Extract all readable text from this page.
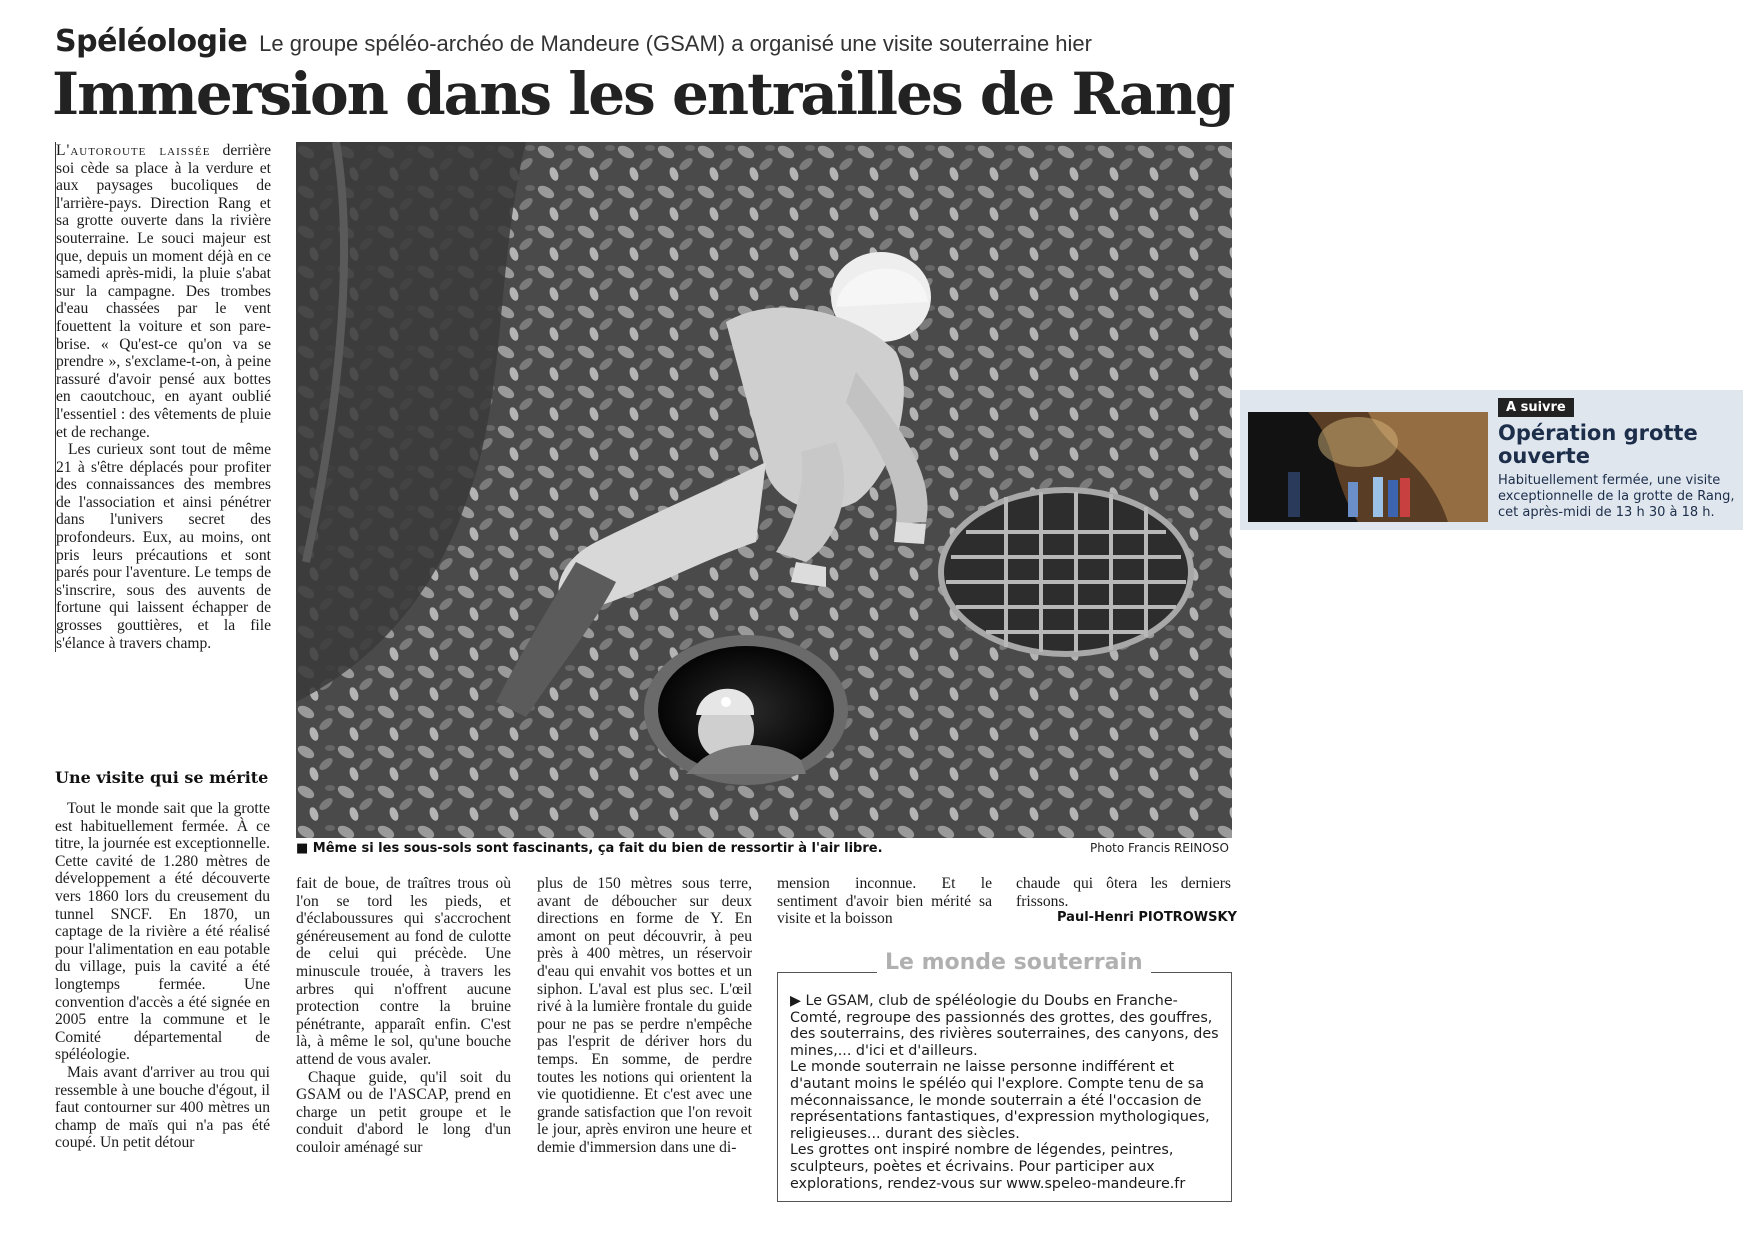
Spéléologie Le groupe spéléo-archéo de Mandeure (GSAM) a organisé une visite souterraine hier
Immersion dans les entrailles de Rang

L'autoroute laissée derrière soi cède sa place à la verdure et aux paysages bucoliques de l'arrière-pays. Direction Rang et sa grotte ouverte dans la rivière souterraine. Le souci majeur est que, depuis un moment déjà en ce samedi après-midi, la pluie s'abat sur la campagne. Des trombes d'eau chassées par le vent fouettent la voiture et son pare-brise. « Qu'est-ce qu'on va se prendre », s'exclame-t-on, à peine rassuré d'avoir pensé aux bottes en caoutchouc, en ayant oublié l'essentiel : des vêtements de pluie et de rechange.

Les curieux sont tout de même 21 à s'être déplacés pour profiter des connaissances des membres de l'association et ainsi pénétrer dans l'univers secret des profondeurs. Eux, au moins, ont pris leurs précautions et sont parés pour l'aventure. Le temps de s'inscrire, sous des auvents de fortune qui laissent échapper de grosses gouttières, et la file s'élance à travers champ.

Une visite qui se mérite

Tout le monde sait que la grotte est habituellement fermée. À ce titre, la journée est exceptionnelle. Cette cavité de 1.280 mètres de développement a été découverte vers 1860 lors du creusement du tunnel SNCF. En 1870, un captage de la rivière a été réalisé pour l'alimentation en eau potable du village, puis la cavité a été longtemps fermée. Une convention d'accès a été signée en 2005 entre la commune et le Comité départemental de spéléologie.

Mais avant d'arriver au trou qui ressemble à une bouche d'égout, il faut contourner sur 400 mètres un champ de maïs qui n'a pas été coupé. Un petit détour

■ Même si les sous-sols sont fascinants, ça fait du bien de ressortir à l'air libre.	Photo Francis REINOSO

fait de boue, de traîtres trous où l'on se tord les pieds, et d'éclaboussures qui s'accrochent généreusement au fond de culotte de celui qui précède. Une minuscule trouée, à travers les arbres qui n'offrent aucune protection contre la bruine pénétrante, apparaît enfin. C'est là, à même le sol, qu'une bouche attend de vous avaler.

Chaque guide, qu'il soit du GSAM ou de l'ASCAP, prend en charge un petit groupe et le conduit d'abord le long d'un couloir aménagé sur

plus de 150 mètres sous terre, avant de déboucher sur deux directions en forme de Y. En amont on peut découvrir, à peu près à 400 mètres, un réservoir d'eau qui envahit vos bottes et un siphon. L'aval est plus sec. L'œil rivé à la lumière frontale du guide pour ne pas se perdre n'empêche pas l'esprit de dériver hors du temps. En somme, de perdre toutes les notions qui orientent la vie quotidienne. Et c'est avec une grande satisfaction que l'on revoit le jour, après environ une heure et demie d'immersion dans une di-

mension inconnue. Et le sentiment d'avoir bien mérité sa visite et la boisson

chaude qui ôtera les derniers frissons.

Paul-Henri PIOTROWSKY

▶ Le GSAM, club de spéléologie du Doubs en Franche-Comté, regroupe des passionnés des grottes, des gouffres, des souterrains, des rivières souterraines, des canyons, des mines,... d'ici et d'ailleurs.

Le monde souterrain ne laisse personne indifférent et d'autant moins le spéléo qui l'explore. Compte tenu de sa méconnaissance, le monde souterrain a été l'occasion de représentations fantastiques, d'expression mythologiques, religieuses... durant des siècles.

Les grottes ont inspiré nombre de légendes, peintres, sculpteurs, poètes et écrivains. Pour participer aux explorations, rendez-vous sur www.speleo-mandeure.fr

Le monde souterrain
A suivre
Opération grotte ouverte
Habituellement fermée, une visite exceptionnelle de la grotte de Rang, cet après-midi de 13 h 30 à 18 h.
